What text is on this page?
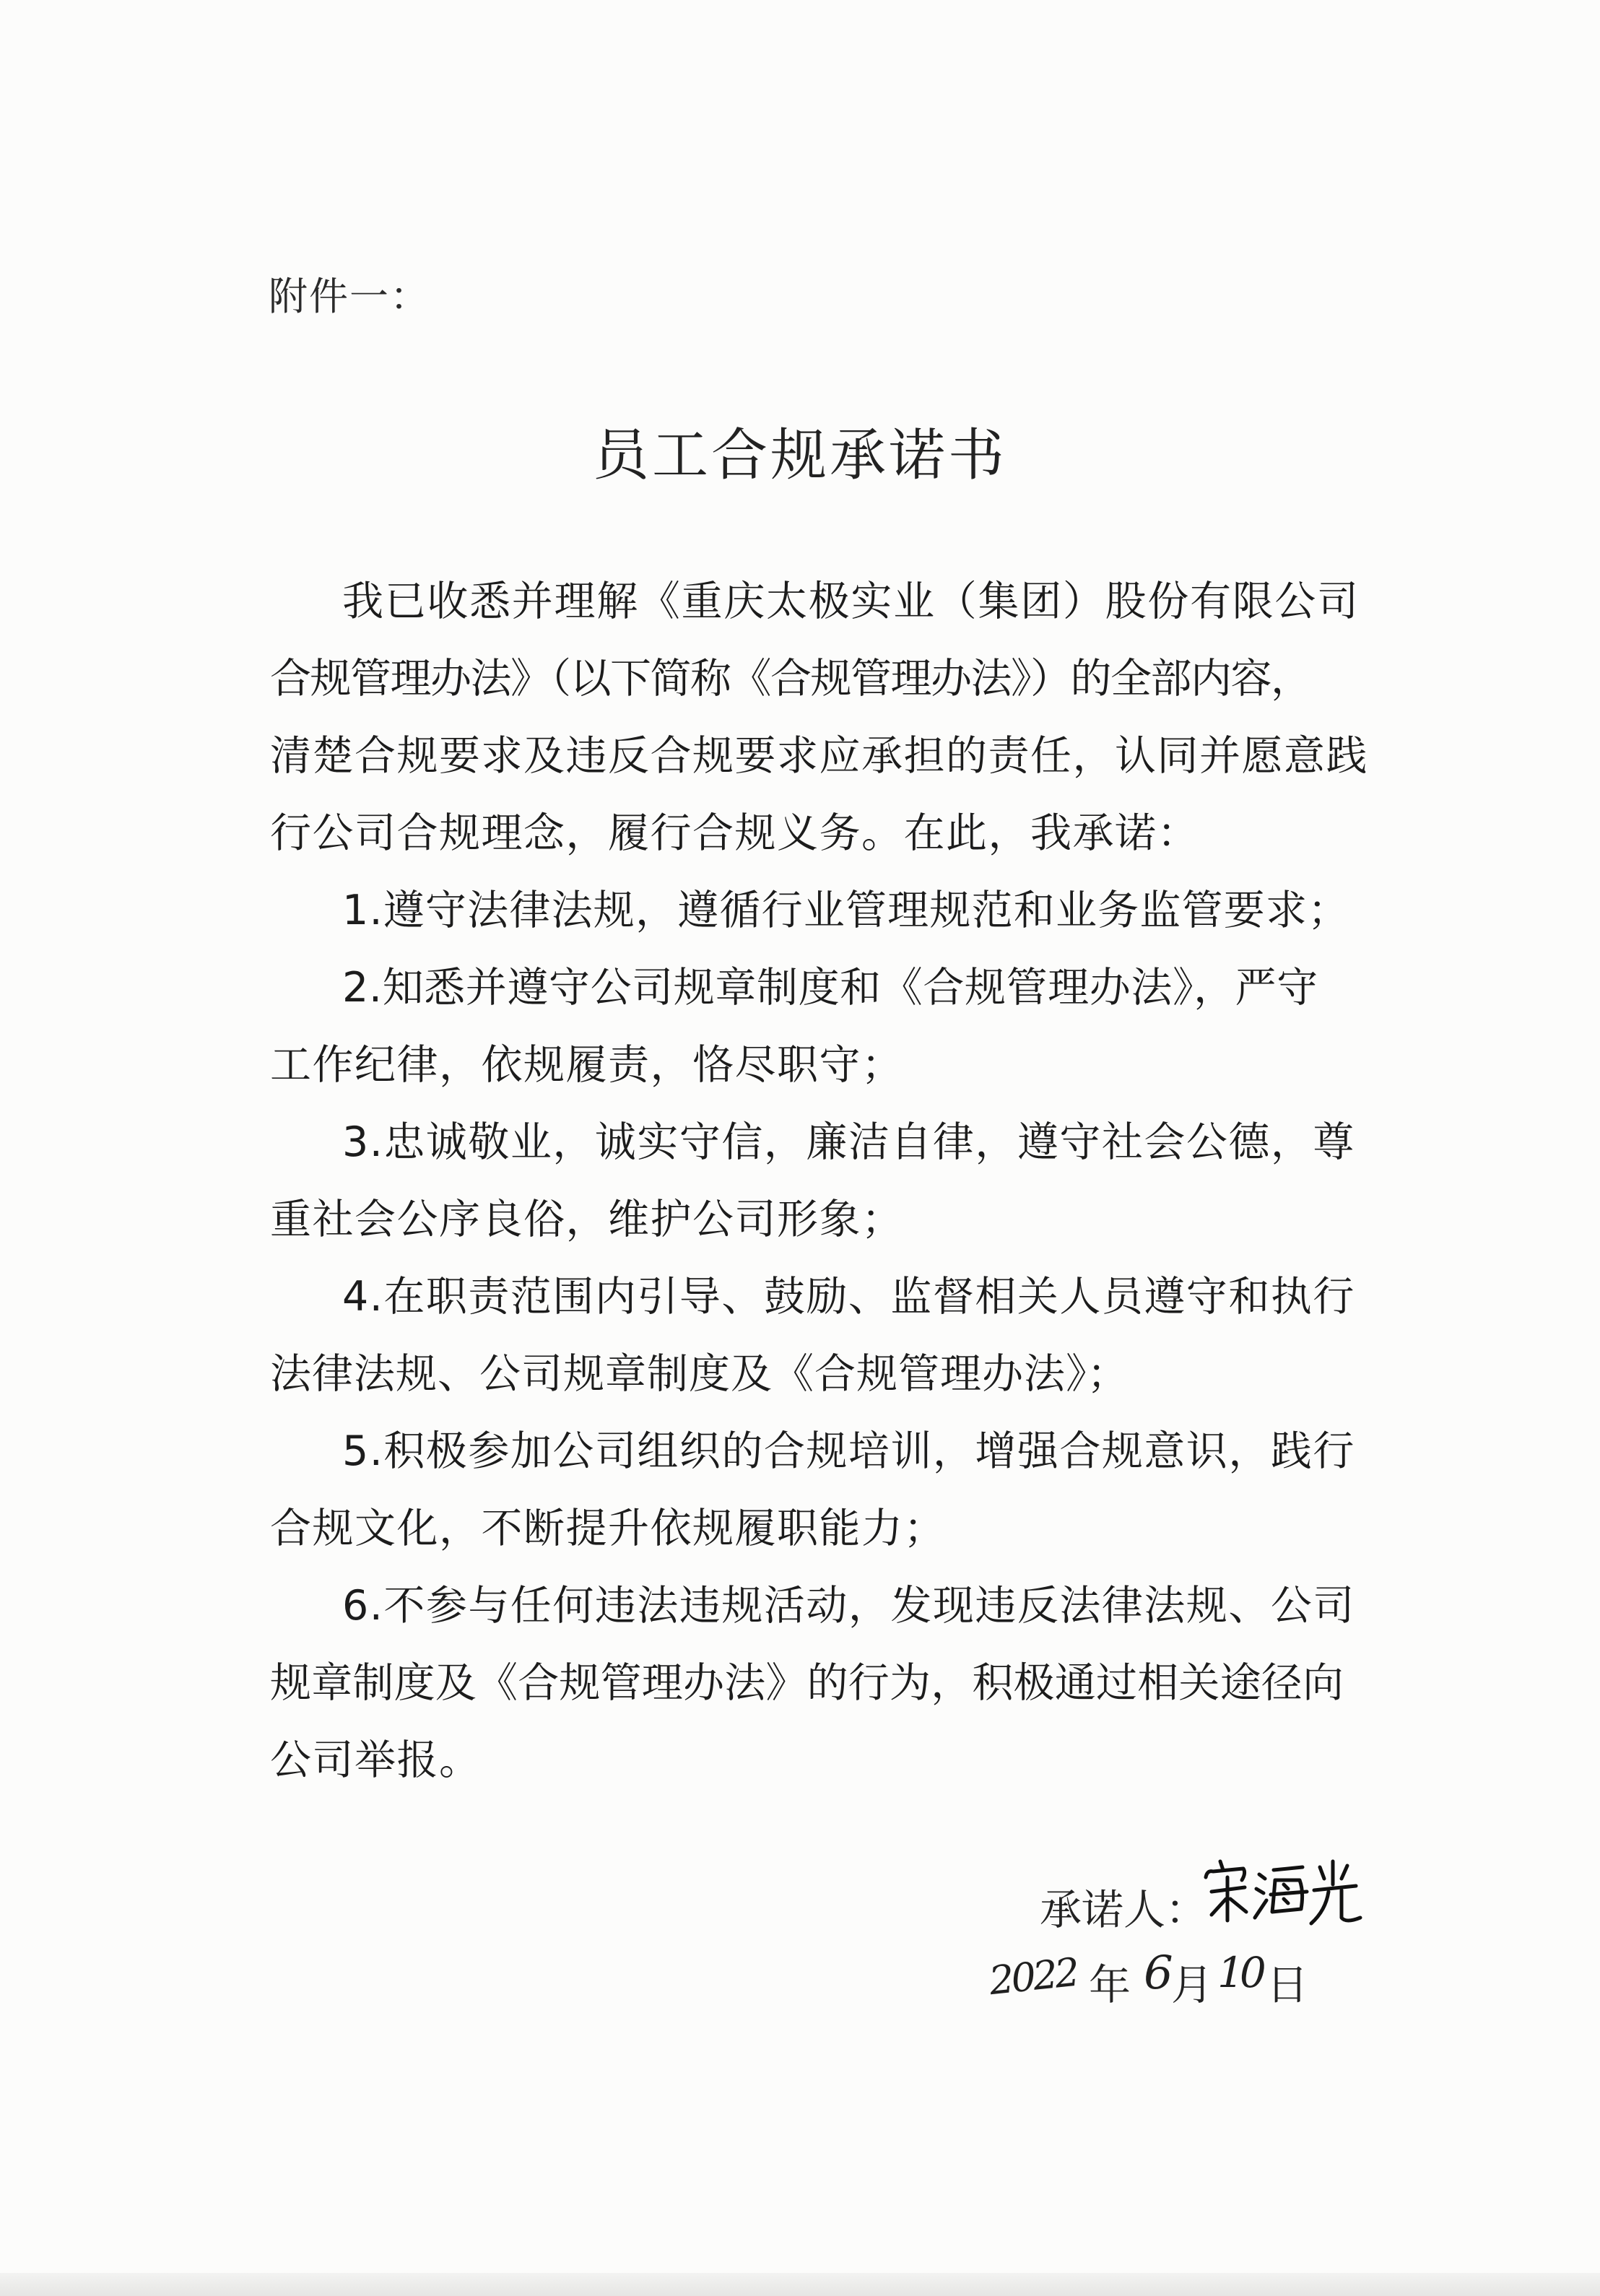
附件一：
员工合规承诺书
我已收悉并理解《重庆太极实业（集团）股份有限公司
合规管理办法》（以下简称《合规管理办法》）的全部内容，
清楚合规要求及违反合规要求应承担的责任，认同并愿意践
行公司合规理念，履行合规义务。在此，我承诺：
1.遵守法律法规，遵循行业管理规范和业务监管要求；
2.知悉并遵守公司规章制度和《合规管理办法》，严守
工作纪律，依规履责，恪尽职守；
3.忠诚敬业，诚实守信，廉洁自律，遵守社会公德，尊
重社会公序良俗，维护公司形象；
4.在职责范围内引导、鼓励、监督相关人员遵守和执行
法律法规、公司规章制度及《合规管理办法》；
5.积极参加公司组织的合规培训，增强合规意识，践行
合规文化，不断提升依规履职能力；
6.不参与任何违法违规活动，发现违反法律法规、公司
规章制度及《合规管理办法》的行为，积极通过相关途径向
公司举报。
承诺人：
2022 年 6
月 10 日
